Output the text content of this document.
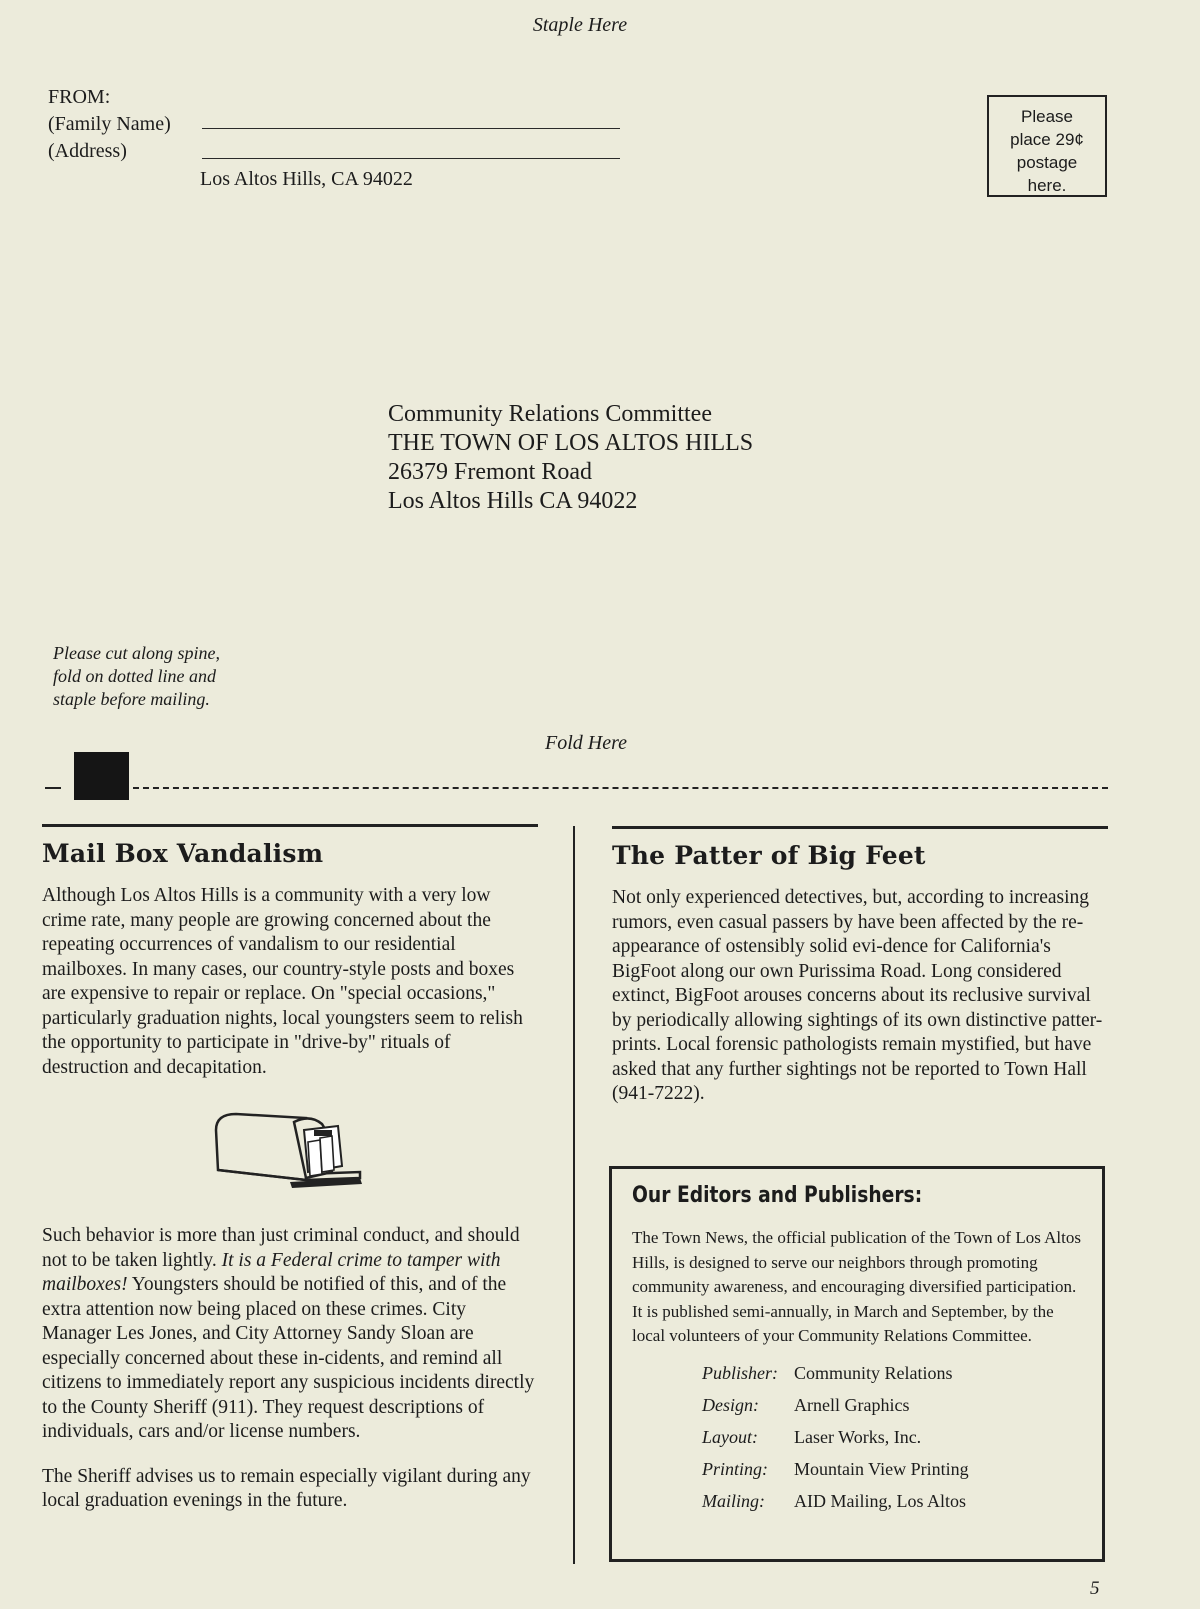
Staple Here
FROM:
(Family Name)
(Address)
Los Altos Hills, CA 94022
Please
place 29¢
postage
here.
Community Relations Committee
THE TOWN OF LOS ALTOS HILLS
26379 Fremont Road
Los Altos Hills CA 94022
Please cut along spine,
fold on dotted line and
staple before mailing.
Fold Here
Mail Box Vandalism

Although Los Altos Hills is a community with a very low crime rate, many people are growing concerned about the repeating occurrences of vandalism to our residential mailboxes. In many cases, our country-style posts and boxes are expensive to repair or replace. On "special occasions," particularly graduation nights, local youngsters seem to relish the opportunity to participate in "drive-by" rituals of destruction and decapitation.

Such behavior is more than just criminal conduct, and should not to be taken lightly. It is a Federal crime to tamper with mailboxes! Youngsters should be notified of this, and of the extra attention now being placed on these crimes. City Manager Les Jones, and City Attorney Sandy Sloan are especially concerned about these in-cidents, and remind all citizens to immediately report any suspicious incidents directly to the County Sheriff (911). They request descriptions of individuals, cars and/or license numbers.

The Sheriff advises us to remain especially vigilant during any local graduation evenings in the future.

The Patter of Big Feet

Not only experienced detectives, but, according to increasing rumors, even casual passers by have been affected by the re-appearance of ostensibly solid evi-dence for California's BigFoot along our own Purissima Road. Long considered extinct, BigFoot arouses concerns about its reclusive survival by periodically allowing sightings of its own distinctive patter-prints. Local forensic pathologists remain mystified, but have asked that any further sightings not be reported to Town Hall (941-7222).

Our Editors and Publishers:

The Town News, the official publication of the Town of Los Altos Hills, is designed to serve our neighbors through promoting community awareness, and encouraging diversified participation. It is published semi-annually, in March and September, by the local volunteers of your Community Relations Committee.

Publisher: Community Relations
Design:	Arnell Graphics
Layout:	Laser Works, Inc.
Printing:	Mountain View Printing
Mailing:	AID Mailing, Los Altos
5
